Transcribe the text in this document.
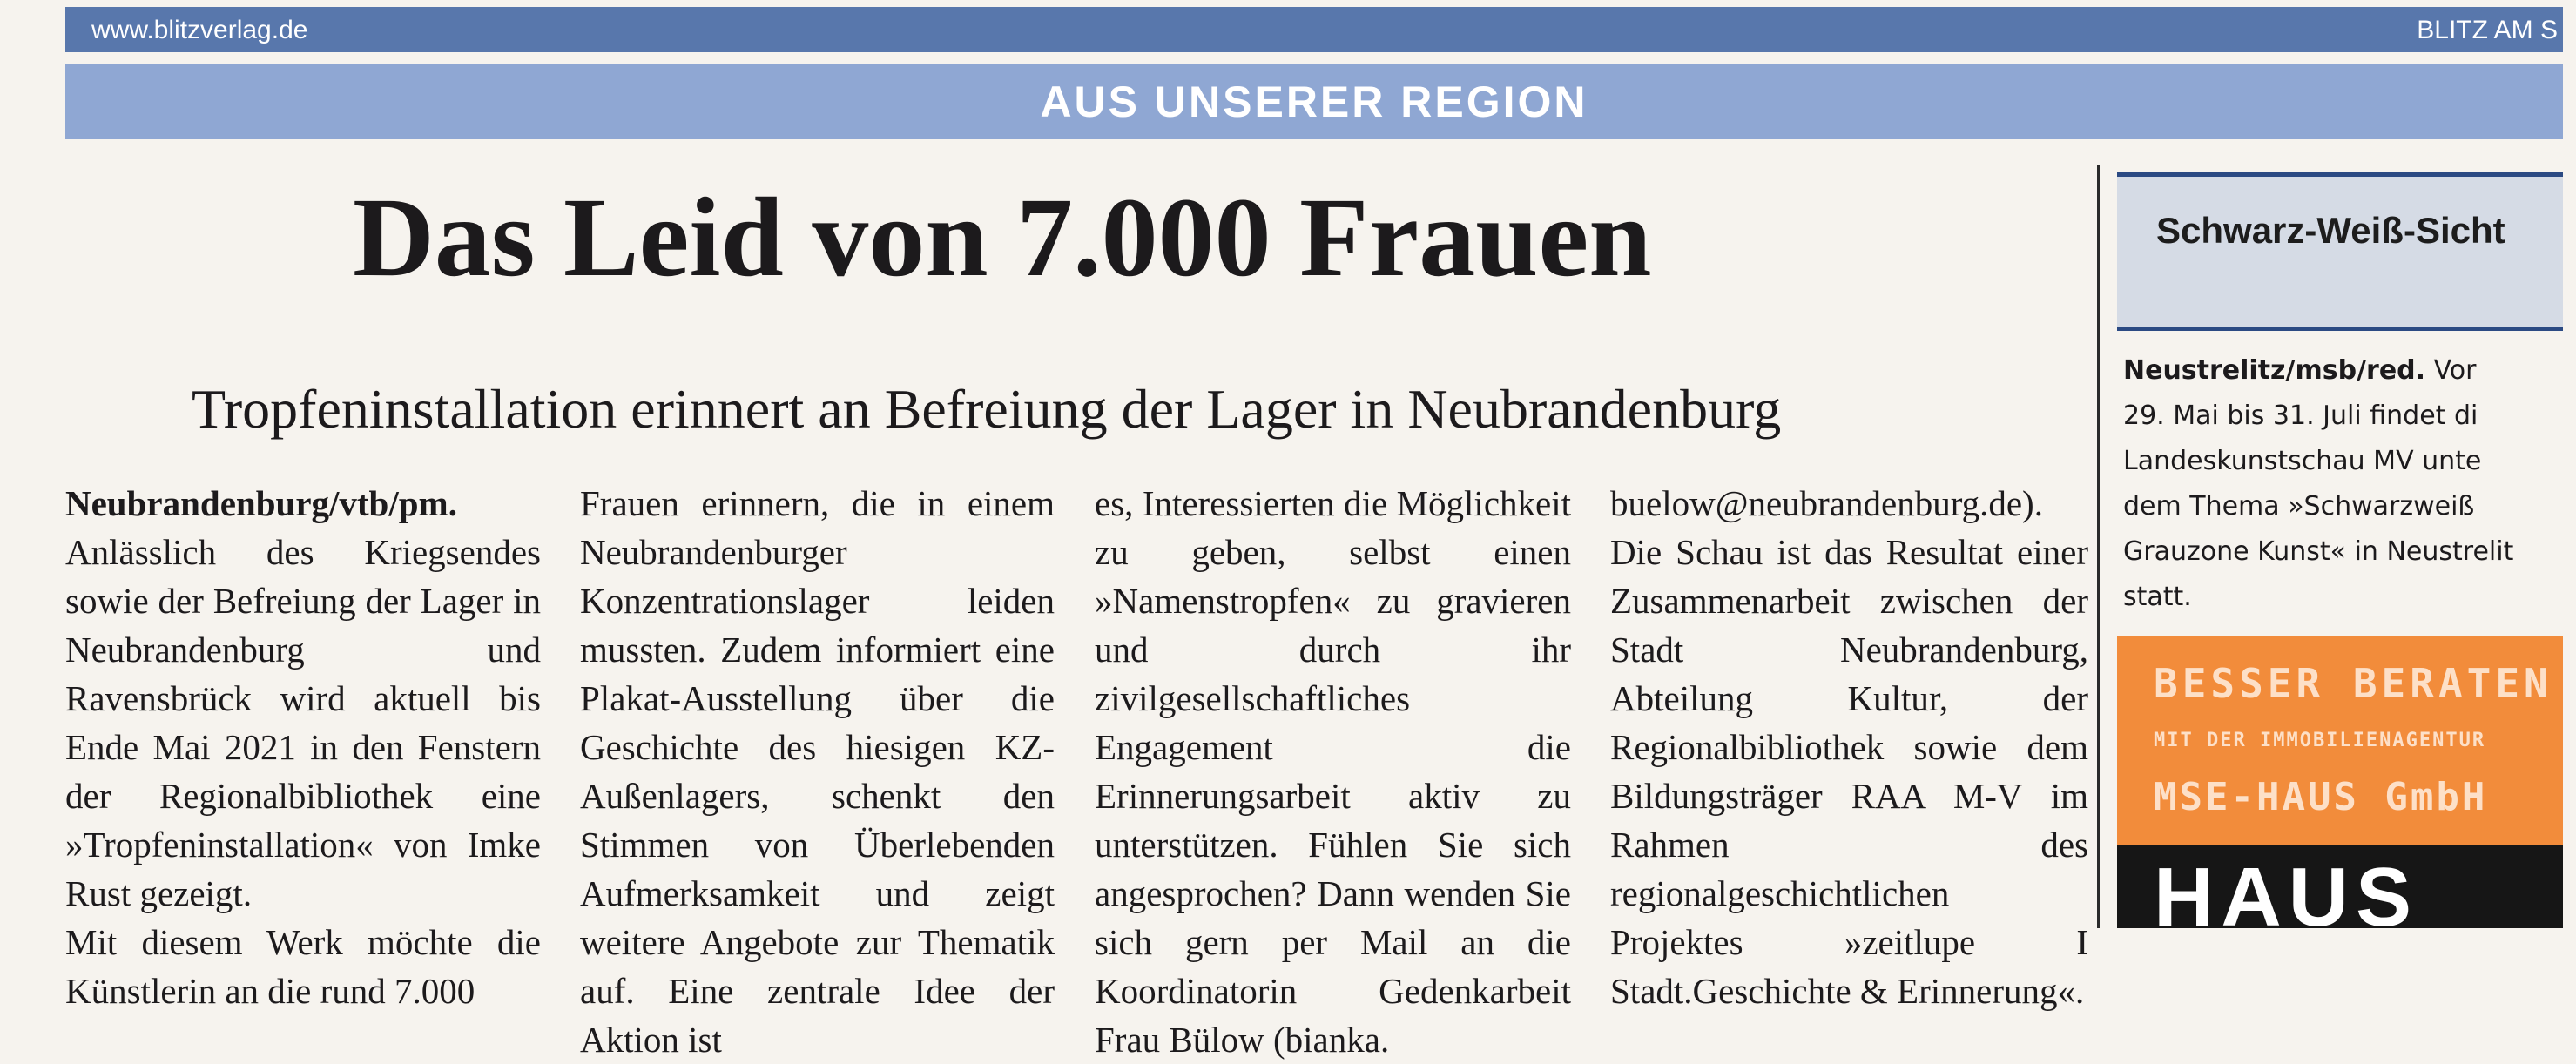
www.blitzverlag.de	BLITZ AM S
AUS UNSERER REGION
Das Leid von 7.000 Frauen
Tropfeninstallation erinnert an Befreiung der Lager in Neubrandenburg

Neubrandenburg/vtb/pm. Anlässlich des Kriegsendes sowie der Befreiung der Lager in Neubrandenburg und Ravensbrück wird aktuell bis Ende Mai 2021 in den Fenstern der Regionalbibliothek eine »Tropfeninstallation« von Imke Rust gezeigt.

Mit diesem Werk möchte die Künstlerin an die rund 7.000

Frauen erinnern, die in einem Neubrandenburger Konzentrationslager leiden mussten. Zudem informiert eine Plakat-Ausstellung über die Geschichte des hiesigen KZ-Außenlagers, schenkt den Stimmen von Überlebenden Aufmerksamkeit und zeigt weitere Angebote zur Thematik auf. Eine zentrale Idee der Aktion ist

es, Interessierten die Möglichkeit zu geben, selbst einen »Namenstropfen« zu gravieren und durch ihr zivilgesellschaftliches Engagement die Erinnerungsarbeit aktiv zu unterstützen. Fühlen Sie sich angesprochen? Dann wenden Sie sich gern per Mail an die Koordinatorin Gedenkarbeit Frau Bülow (bianka.

buelow@neubrandenburg.de). Die Schau ist das Resultat einer Zusammenarbeit zwischen der Stadt Neubrandenburg, Abteilung Kultur, der Regionalbibliothek sowie dem Bildungsträger RAA M-V im Rahmen des regionalgeschichtlichen Projektes »zeitlupe I Stadt.Geschichte & Erinnerung«.

Schwarz-Weiß-Sicht
Neustrelitz/msb/red. Vor
29. Mai bis 31. Juli findet di
Landeskunstschau MV unte
dem Thema »Schwarzweiß
Grauzone Kunst« in Neustrelit
statt.
BESSER BERATEN
MIT DER IMMOBILIENAGENTUR
MSE-HAUS GmbH
HAUS
